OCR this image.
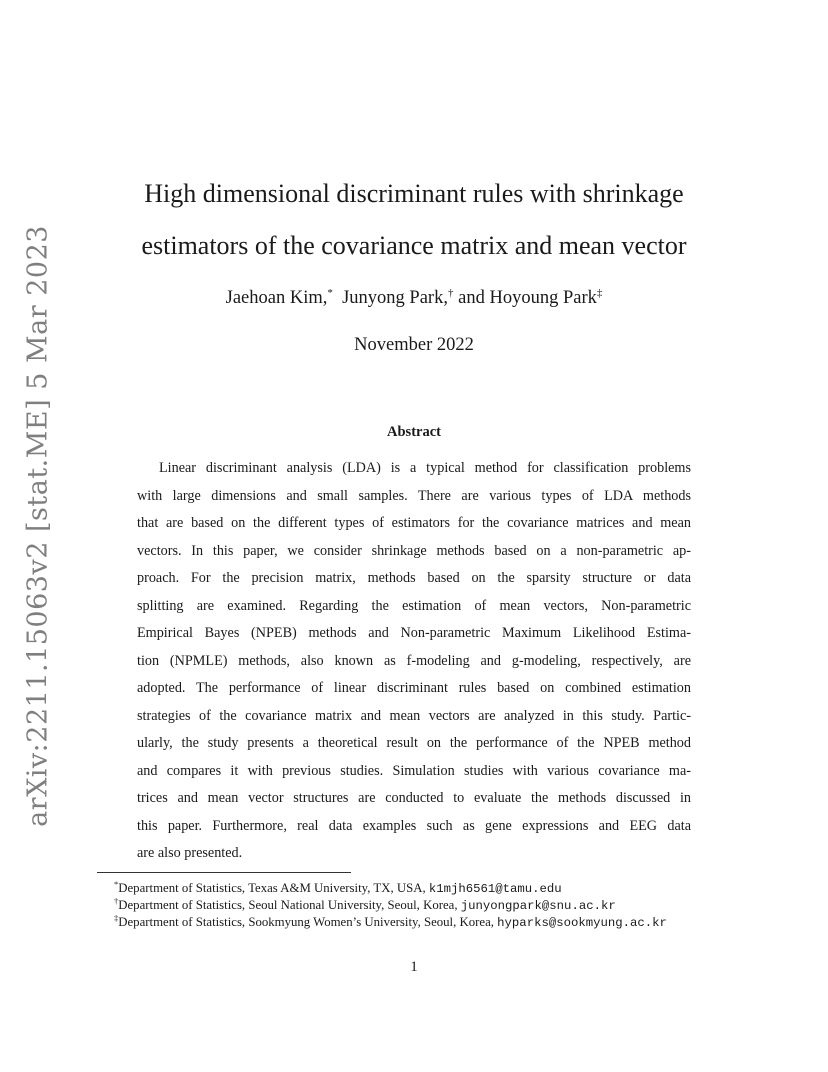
arXiv:2211.15063v2 [stat.ME] 5 Mar 2023
High dimensional discriminant rules with shrinkage
estimators of the covariance matrix and mean vector
Jaehoan Kim,* Junyong Park,† and Hoyoung Park‡
November 2022
Abstract
Linear discriminant analysis (LDA) is a typical method for classification problems
with large dimensions and small samples. There are various types of LDA methods
that are based on the different types of estimators for the covariance matrices and mean
vectors. In this paper, we consider shrinkage methods based on a non-parametric ap-
proach. For the precision matrix, methods based on the sparsity structure or data
splitting are examined. Regarding the estimation of mean vectors, Non-parametric
Empirical Bayes (NPEB) methods and Non-parametric Maximum Likelihood Estima-
tion (NPMLE) methods, also known as f-modeling and g-modeling, respectively, are
adopted. The performance of linear discriminant rules based on combined estimation
strategies of the covariance matrix and mean vectors are analyzed in this study. Partic-
ularly, the study presents a theoretical result on the performance of the NPEB method
and compares it with previous studies. Simulation studies with various covariance ma-
trices and mean vector structures are conducted to evaluate the methods discussed in
this paper. Furthermore, real data examples such as gene expressions and EEG data
are also presented.
*Department of Statistics, Texas A&M University, TX, USA, k1mjh6561@tamu.edu
†Department of Statistics, Seoul National University, Seoul, Korea, junyongpark@snu.ac.kr
‡Department of Statistics, Sookmyung Women’s University, Seoul, Korea, hyparks@sookmyung.ac.kr
1
